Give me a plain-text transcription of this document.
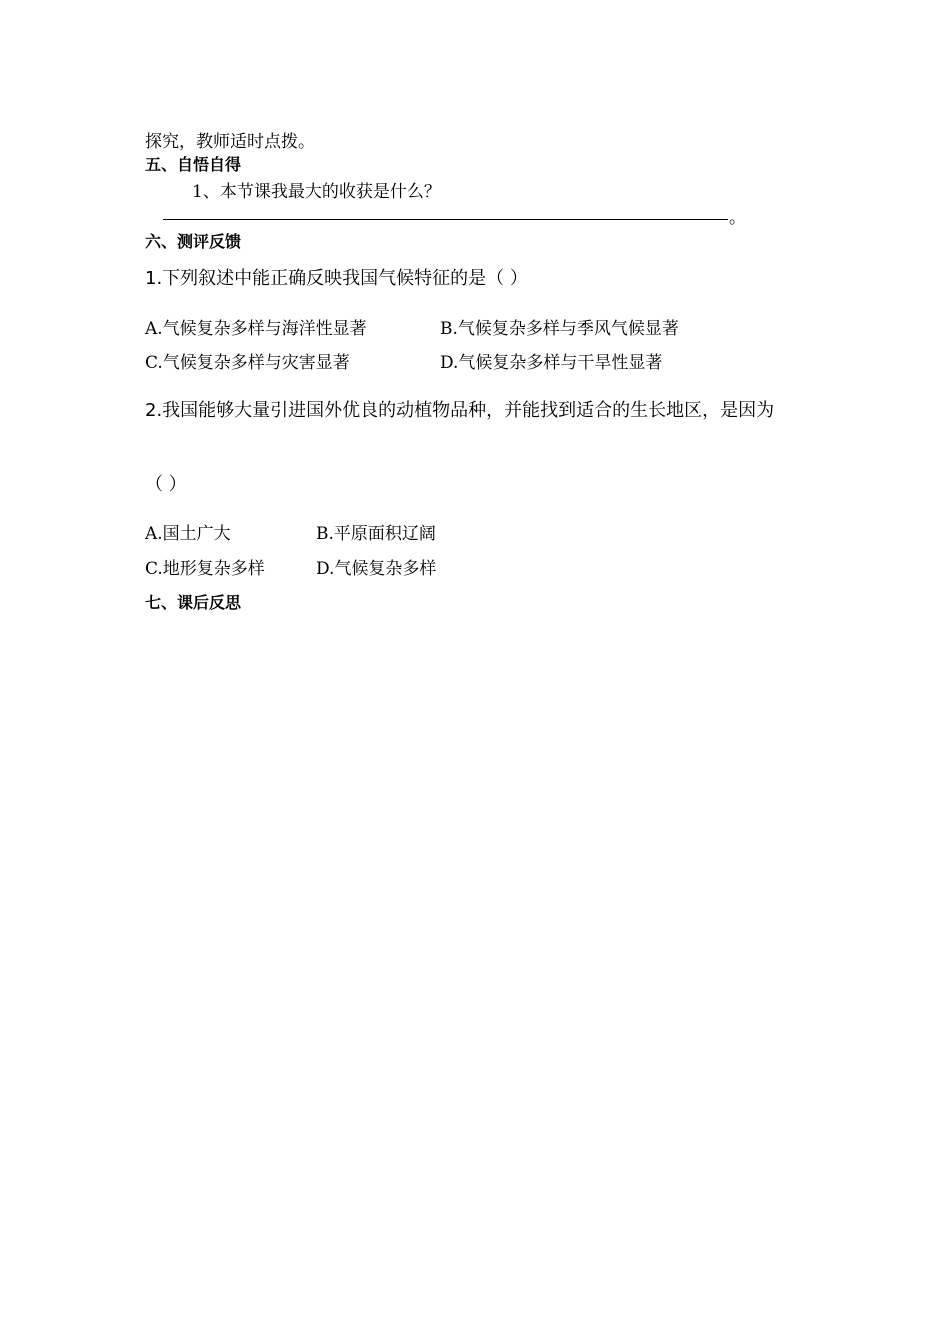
探究，教师适时点拨。
五、自悟自得
1、本节课我最大的收获是什么？
。
六、测评反馈
1.下列叙述中能正确反映我国气候特征的是（ ）
A.气候复杂多样与海洋性显著	B.气候复杂多样与季风气候显著
C.气候复杂多样与灾害显著	D.气候复杂多样与干旱性显著
2.我国能够大量引进国外优良的动植物品种，并能找到适合的生长地区，是因为
（ ）
A.国土广大	B.平原面积辽阔
C.地形复杂多样	D.气候复杂多样
七、课后反思
